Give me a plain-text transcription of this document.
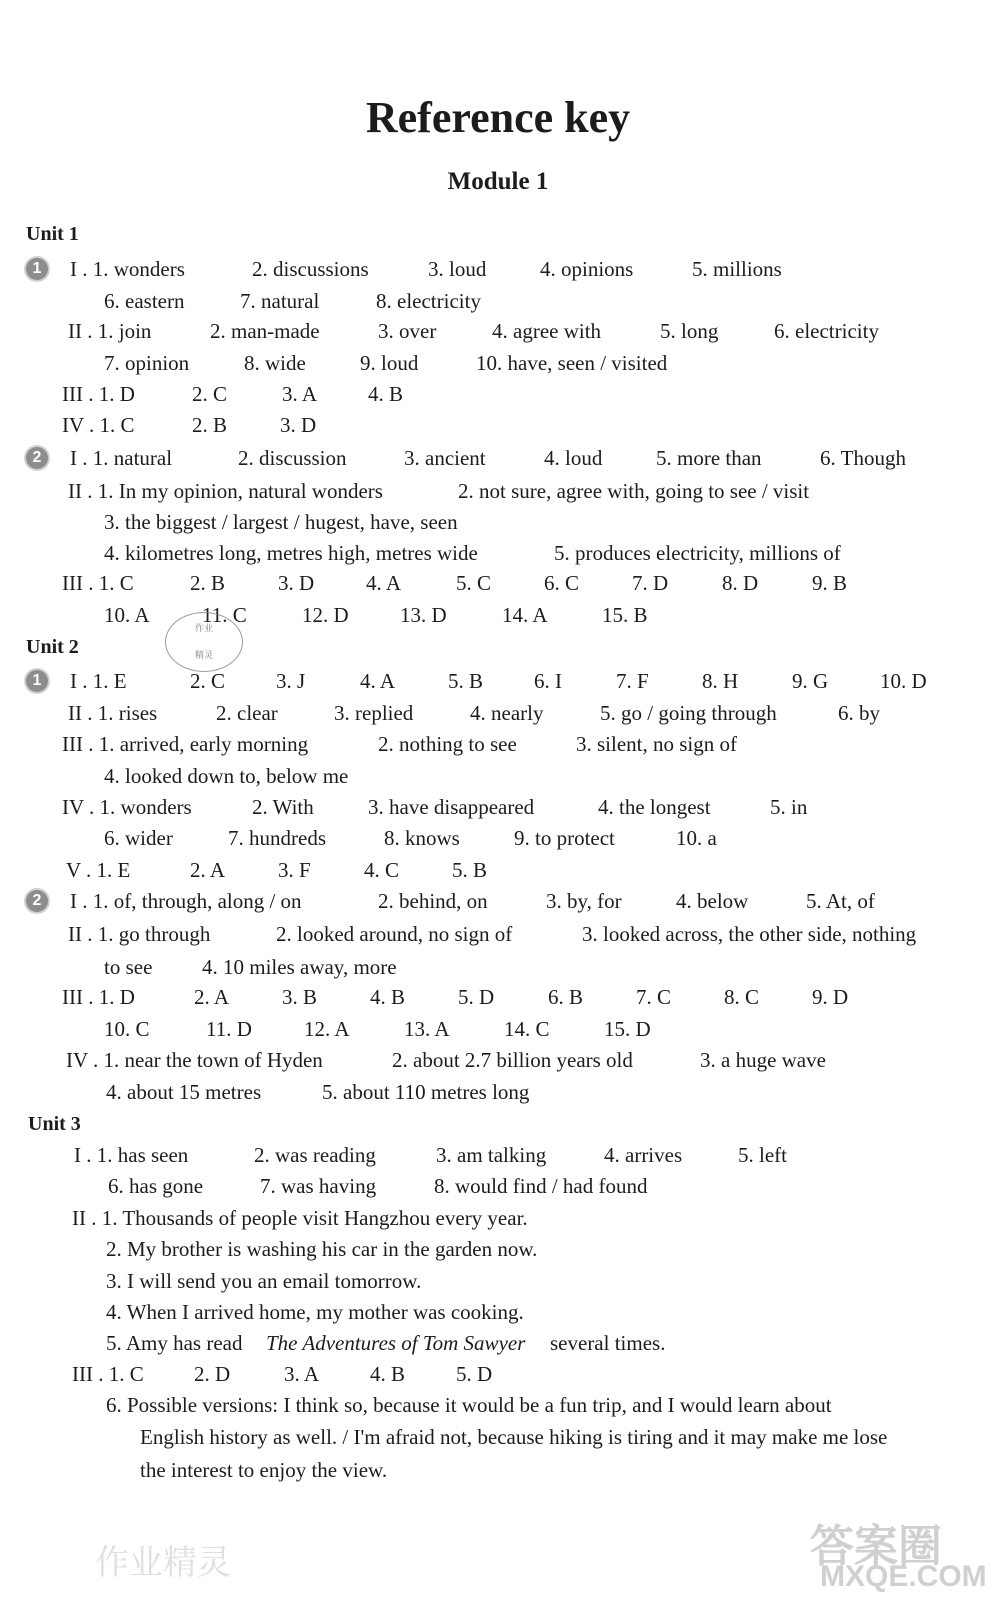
Reference key
Module 1
Unit 1
Unit 2
Unit 3
1
2
1
2
I . 1. wonders	2. discussions	3. loud	4. opinions	5. millions
6. eastern	7. natural	8. electricity
II . 1. join	2. man-made	3. over	4. agree with	5. long	6. electricity
7. opinion	8. wide	9. loud	10. have, seen / visited
III . 1. D	2. C	3. A 4. B
IV . 1. C	2. B	3. D
I . 1. natural	2. discussion	3. ancient	4. loud	5. more than	6. Though
II . 1. In my opinion, natural wonders	2. not sure, agree with, going to see / visit
3. the biggest / largest / hugest, have, seen
4. kilometres long, metres high, metres wide	5. produces electricity, millions of
III . 1. C	2. B	3. D 4. A	5. C	6. C	7. D	8. D	9. B
10. A 11. C	12. D 13. D	14. A	15. B
作业
精灵
I . 1. E	2. C 3. J	4. A	5. B 6. I	7. F	8. H	9. G 10. D
II . 1. rises	2. clear	3. replied	4. nearly	5. go / going through	6. by
III . 1. arrived, early morning	2. nothing to see	3. silent, no sign of
4. looked down to, below me
IV . 1. wonders	2. With	3. have disappeared	4. the longest	5. in
6. wider	7. hundreds	8. knows	9. to protect	10. a
V . 1. E	2. A	3. F	4. C	5. B
I . 1. of, through, along / on	2. behind, on	3. by, for	4. below	5. At, of
II . 1. go through	2. looked around, no sign of	3. looked across, the other side, nothing
to see 4. 10 miles away, more
III . 1. D	2. A	3. B	4. B	5. D	6. B	7. C	8. C	9. D
10. C	11. D 12. A	13. A	14. C	15. D
IV . 1. near the town of Hyden	2. about 2.7 billion years old	3. a huge wave
4. about 15 metres	5. about 110 metres long
I . 1. has seen	2. was reading	3. am talking	4. arrives	5. left
6. has gone	7. was having	8. would find / had found
II . 1. Thousands of people visit Hangzhou every year.
2. My brother is washing his car in the garden now.
3. I will send you an email tomorrow.
4. When I arrived home, my mother was cooking.
5. Amy has read The Adventures of Tom Sawyer several times.
III . 1. C 2. D	3. A 4. B 5. D
6. Possible versions: I think so, because it would be a fun trip, and I would learn about
English history as well. / I'm afraid not, because hiking is tiring and it may make me lose
the interest to enjoy the view.
答案圈
MXQE.COM
作业精灵
